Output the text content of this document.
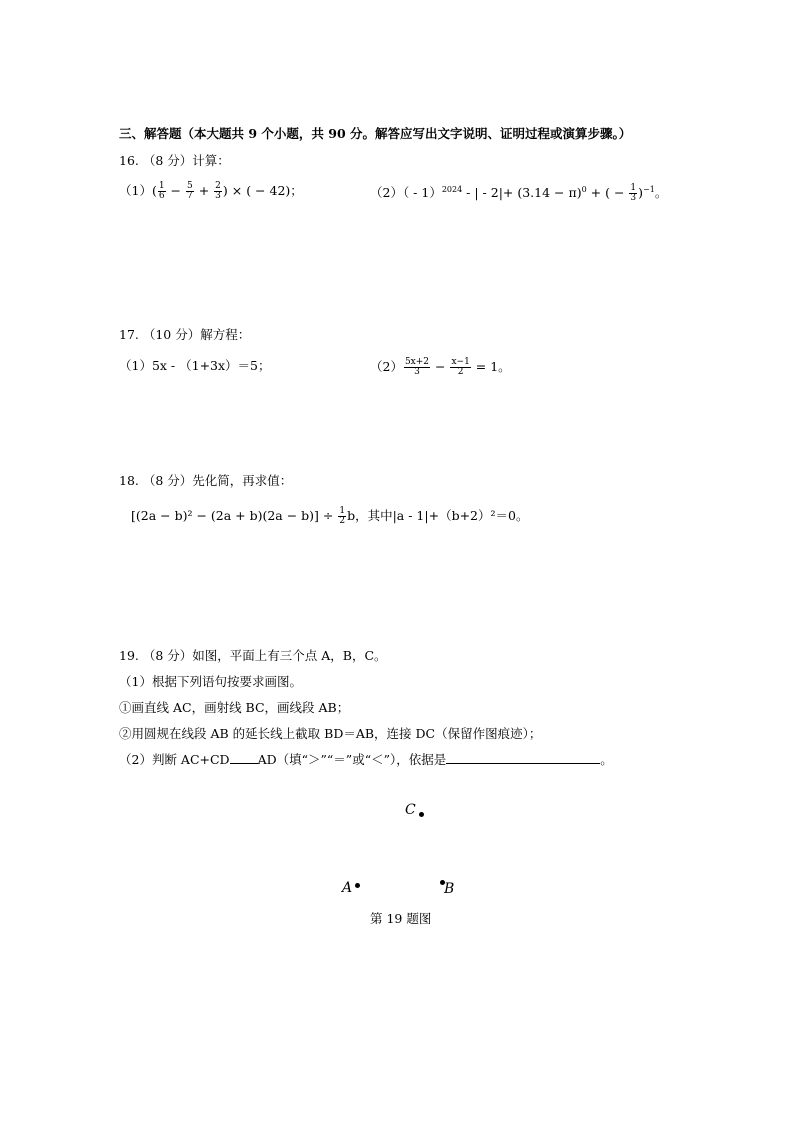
三、解答题（本大题共 9 个小题，共 90 分。解答应写出文字说明、证明过程或演算步骤。）
16. （8 分）计算：
$(1)( \frac{1}{6} - \frac{5}{7} + \frac{2}{3}$ ) × ( − 42)；	（2）（ - 1）$^{2024}$ - | - $2|+ (3.14 - \pi)^0$ + ( − $\frac{1}{3} )^{-1}$。
17. （10 分）解方程：
（1）5x - （1+3x）＝5；	$(2) \frac{5x+2}{3} - \frac{x-1}{2} = 1$。
18. （8 分）先化简，再求值：
$[(2a - b)^2 - (2a + b)(2a - b)] \div \frac{1}{2}$ b，其中|a - 1|+（b+2）²＝0。
19. （8 分）如图，平面上有三个点 A，B，C。
（1）根据下列语句按要求画图。
①画直线 AC，画射线 BC，画线段 AB；
②用圆规在线段 AB 的延长线上截取 BD＝AB，连接 DC（保留作图痕迹）；
（2）判断 AC+CD AD（填“＞”“＝”或“＜”），依据是	。
C
A	B
第 19 题图
